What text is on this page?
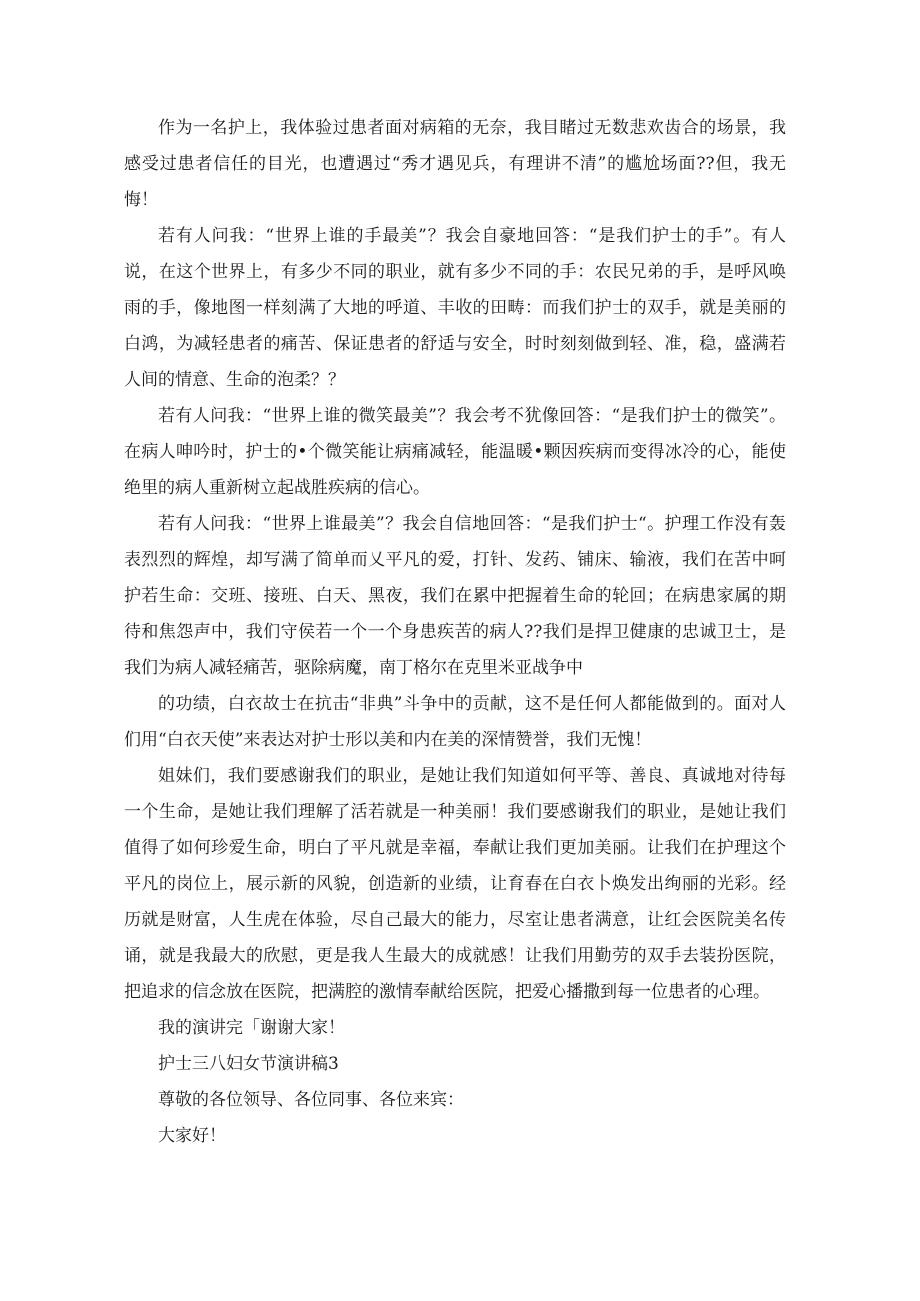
作为一名护上，我体验过患者面对病箱的无奈，我目睹过无数悲欢齿合的场景，我感受过患者信任的目光，也遭遇过“秀才遇见兵，有理讲不清”的尴尬场面??但，我无悔！

若有人问我：“世界上谁的手最美”？我会自豪地回答：“是我们护士的手”。有人说，在这个世界上，有多少不同的职业，就有多少不同的手：农民兄弟的手，是呼风唤雨的手，像地图一样刻满了大地的呼道、丰收的田畴：而我们护士的双手，就是美丽的白鸿，为减轻患者的痛苦、保证患者的舒适与安全，时时刻刻做到轻、准，稳，盛满若人间的情意、生命的泡柔？？

若有人问我：“世界上谁的微笑最美”？我会考不犹像回答：“是我们护士的微笑”。在病人呻吟时，护士的•个微笑能让病痛减轻，能温暖•颗因疾病而变得冰冷的心，能使绝里的病人重新树立起战胜疾病的信心。

若有人问我：“世界上谁最美”？我会自信地回答：“是我们护士“。护理工作没有轰表烈烈的辉煌，却写满了简单而乂平凡的爱，打针、发药、铺床、输液，我们在苦中呵护若生命：交班、接班、白天、黑夜，我们在累中把握着生命的轮回；在病患家属的期待和焦怨声中，我们守侯若一个一个身患疾苦的病人??我们是捍卫健康的忠诚卫士，是我们为病人减轻痛苦，驱除病魔，南丁格尔在克里米亚战争中

的功绩，白衣故士在抗击“非典”斗争中的贡献，这不是任何人都能做到的。面对人们用“白衣天使”来表达对护士形以美和内在美的深情赞誉，我们无愧！

姐妹们，我们要感谢我们的职业，是她让我们知道如何平等、善良、真诚地对待每一个生命，是她让我们理解了活若就是一种美丽！我们要感谢我们的职业，是她让我们值得了如何珍爱生命，明白了平凡就是幸福，奉献让我们更加美丽。让我们在护理这个平凡的岗位上，展示新的风貌，创造新的业绩，让育春在白衣卜焕发出绚丽的光彩。经历就是财富，人生虎在体验，尽自己最大的能力，尽室让患者满意，让红会医院美名传诵，就是我最大的欣慰，更是我人生最大的成就感！让我们用勤劳的双手去装扮医院，把追求的信念放在医院，把满腔的激情奉献给医院，把爱心播撒到每一位患者的心理。

我的演讲完「谢谢大家！

护士三八妇女节演讲稿3

尊敬的各位领导、各位同事、各位来宾：

大家好！
